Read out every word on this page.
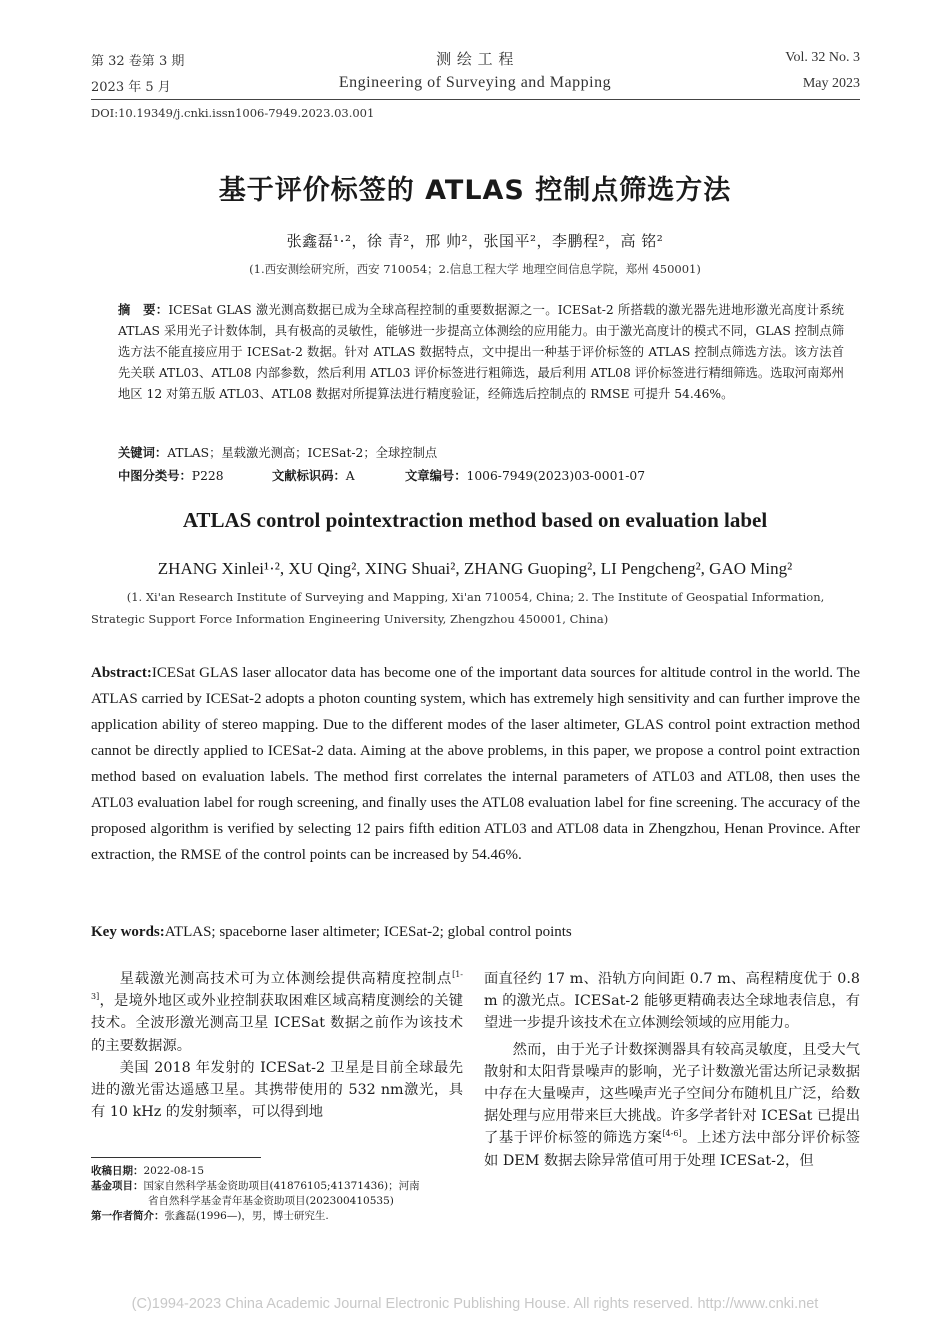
第 32 卷第 3 期
2023 年 5 月
测 绘 工 程
Engineering of Surveying and Mapping
Vol. 32 No. 3
May 2023
DOI:10.19349/j.cnki.issn1006-7949.2023.03.001
基于评价标签的 ATLAS 控制点筛选方法
张鑫磊¹·²，徐 青²，邢 帅²，张国平²，李鹏程²，高 铭²
(1.西安测绘研究所，西安 710054；2.信息工程大学 地理空间信息学院，郑州 450001)
摘　要：ICESat GLAS 激光测高数据已成为全球高程控制的重要数据源之一。ICESat-2 所搭载的激光器先进地形激光高度计系统 ATLAS 采用光子计数体制，具有极高的灵敏性，能够进一步提高立体测绘的应用能力。由于激光高度计的模式不同，GLAS 控制点筛选方法不能直接应用于 ICESat-2 数据。针对 ATLAS 数据特点，文中提出一种基于评价标签的 ATLAS 控制点筛选方法。该方法首先关联 ATL03、ATL08 内部参数，然后利用 ATL03 评价标签进行粗筛选，最后利用 ATL08 评价标签进行精细筛选。选取河南郑州地区 12 对第五版 ATL03、ATL08 数据对所提算法进行精度验证，经筛选后控制点的 RMSE 可提升 54.46%。
关键词：ATLAS；星载激光测高；ICESat-2；全球控制点
中图分类号：P228	文献标识码：A	文章编号：1006-7949(2023)03-0001-07
ATLAS control pointextraction method based on evaluation label
ZHANG Xinlei¹·², XU Qing², XING Shuai², ZHANG Guoping², LI Pengcheng², GAO Ming²
(1. Xi'an Research Institute of Surveying and Mapping, Xi'an 710054, China; 2. The Institute of Geospatial Information,
Strategic Support Force Information Engineering University, Zhengzhou 450001, China)
Abstract:ICESat GLAS laser allocator data has become one of the important data sources for altitude control in the world. The ATLAS carried by ICESat-2 adopts a photon counting system, which has extremely high sensitivity and can further improve the application ability of stereo mapping. Due to the different modes of the laser altimeter, GLAS control point extraction method cannot be directly applied to ICESat-2 data. Aiming at the above problems, in this paper, we propose a control point extraction method based on evaluation labels. The method first correlates the internal parameters of ATL03 and ATL08, then uses the ATL03 evaluation label for rough screening, and finally uses the ATL08 evaluation label for fine screening. The accuracy of the proposed algorithm is verified by selecting 12 pairs fifth edition ATL03 and ATL08 data in Zhengzhou, Henan Province. After extraction, the RMSE of the control points can be increased by 54.46%.
Key words:ATLAS; spaceborne laser altimeter; ICESat-2; global control points

星载激光测高技术可为立体测绘提供高精度控制点[1-3]，是境外地区或外业控制获取困难区域高精度测绘的关键技术。全波形激光测高卫星 ICESat 数据之前作为该技术的主要数据源。

美国 2018 年发射的 ICESat-2 卫星是目前全球最先进的激光雷达遥感卫星。其携带使用的 532 nm激光，具有 10 kHz 的发射频率，可以得到地

收稿日期：2022-08-15
基金项目：国家自然科学基金资助项目(41876105;41371436)；河南
省自然科学基金青年基金资助项目(202300410535)
第一作者简介：张鑫磊(1996—)，男，博士研究生.

面直径约 17 m、沿轨方向间距 0.7 m、高程精度优于 0.8 m 的激光点。ICESat-2 能够更精确表达全球地表信息，有望进一步提升该技术在立体测绘领域的应用能力。

然而，由于光子计数探测器具有较高灵敏度，且受大气散射和太阳背景噪声的影响，光子计数激光雷达所记录数据中存在大量噪声，这些噪声光子空间分布随机且广泛，给数据处理与应用带来巨大挑战。许多学者针对 ICESat 已提出了基于评价标签的筛选方案[4-6]。上述方法中部分评价标签如 DEM 数据去除异常值可用于处理 ICESat-2，但

(C)1994-2023 China Academic Journal Electronic Publishing House. All rights reserved. http://www.cnki.net
